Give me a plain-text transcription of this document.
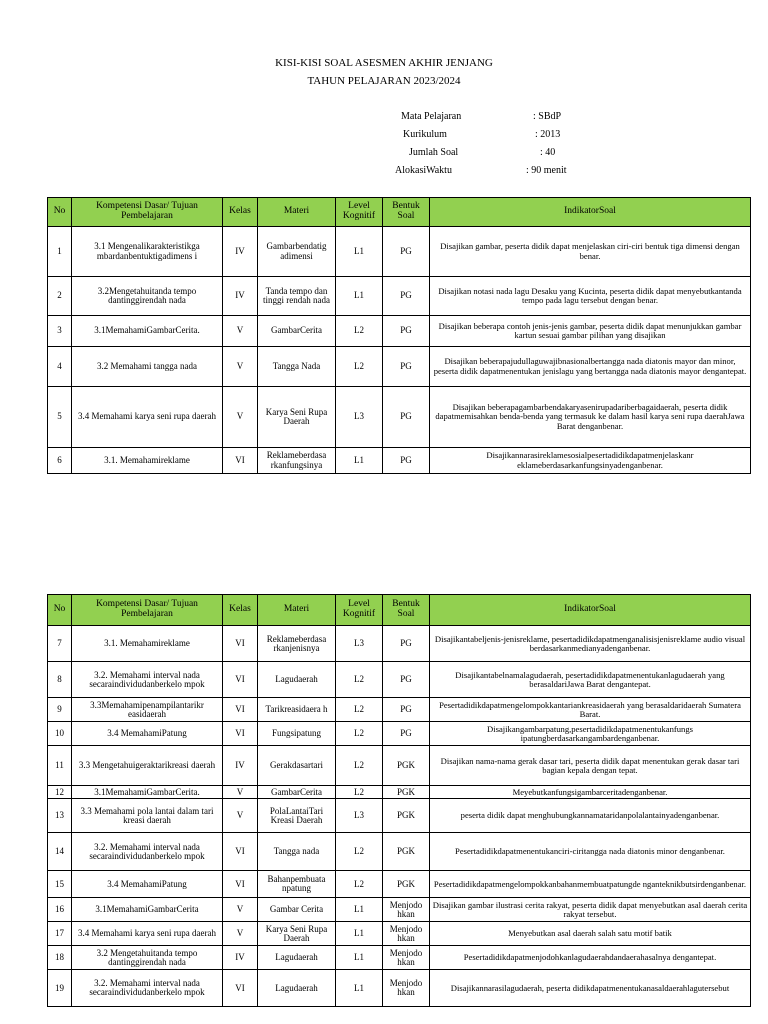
KISI-KISI SOAL ASESMEN AKHIR JENJANG
TAHUN PELAJARAN 2023/2024
Mata Pelajaran	: SBdP
Kurikulum	: 2013
Jumlah Soal	: 40
AlokasiWaktu	: 90 menit
No	Kompetensi Dasar/ Tujuan Pembelajaran	Kelas	Materi	Level Kognitif	Bentuk Soal	IndikatorSoal
1	3.1 Mengenalikarakteristikga mbardanbentuktigadimens i	IV	Gambarbendatig adimensi	L1	PG	Disajikan gambar, peserta didik dapat menjelaskan ciri-ciri bentuk tiga dimensi dengan benar.
2	3.2Mengetahuitanda tempo dantinggirendah nada	IV	Tanda tempo dan tinggi rendah nada	L1	PG	Disajikan notasi nada lagu Desaku yang Kucinta, peserta didik dapat menyebutkantanda tempo pada lagu tersebut dengan benar.
3	3.1MemahamiGambarCerita.	V	GambarCerita	L2	PG	Disajikan beberapa contoh jenis-jenis gambar, peserta didik dapat menunjukkan gambar kartun sesuai gambar pilihan yang disajikan
4	3.2 Memahami tangga nada	V	Tangga Nada	L2	PG	Disajikan beberapajudullaguwajibnasionalbertangga nada diatonis mayor dan minor, peserta didik dapatmenentukan jenislagu yang bertangga nada diatonis mayor dengantepat.
5	3.4 Memahami karya seni rupa daerah	V	Karya Seni Rupa Daerah	L3	PG	Disajikan beberapagambarbendakaryasenirupadariberbagaidaerah, peserta didik dapatmemisahkan benda-benda yang termasuk ke dalam hasil karya seni rupa daerahJawa Barat denganbenar.
6	3.1. Memahamireklame	VI	Reklameberdasa rkanfungsinya	L1	PG	Disajikannarasireklamesosialpesertadidikdapatmenjelaskanr eklameberdasarkanfungsinyadenganbenar.
No	Kompetensi Dasar/ Tujuan Pembelajaran	Kelas	Materi	Level Kognitif	Bentuk Soal	IndikatorSoal
7	3.1. Memahamireklame	VI	Reklameberdasa rkanjenisnya	L3	PG	Disajikantabeljenis-jenisreklame, pesertadidikdapatmenganalisisjenisreklame audio visual berdasarkanmedianyadenganbenar.
8	3.2. Memahami interval nada secaraindividudanberkelo mpok	VI	Lagudaerah	L2	PG	Disajikantabelnamalagudaerah, pesertadidikdapatmenentukanlagudaerah yang berasaldariJawa Barat dengantepat.
9	3.3Memahamipenampilantarikr easidaerah	VI	Tarikreasidaera h	L2	PG	Pesertadidikdapatmengelompokkantariankreasidaerah yang berasaldaridaerah Sumatera Barat.
10	3.4 MemahamiPatung	VI	Fungsipatung	L2	PG	Disajikangambarpatung,pesertadidikdapatmenentukanfungs ipatungberdasarkangambardenganbenar.
11	3.3 Mengetahuigeraktarikreasi daerah	IV	Gerakdasartari	L2	PGK	Disajikan nama-nama gerak dasar tari, peserta didik dapat menentukan gerak dasar tari bagian kepala dengan tepat.
12	3.1MemahamiGambarCerita.	V	GambarCerita	L2	PGK	Meyebutkanfungsigambarceritadenganbenar.
13	3.3 Memahami pola lantai dalam tari kreasi daerah	V	PolaLantaiTari Kreasi Daerah	L3	PGK	peserta didik dapat menghubungkannamataridanpolalantainyadenganbenar.
14	3.2. Memahami interval nada secaraindividudanberkelo mpok	VI	Tangga nada	L2	PGK	Pesertadidikdapatmenentukanciri-ciritangga nada diatonis minor denganbenar.
15	3.4 MemahamiPatung	VI	Bahanpembuata npatung	L2	PGK	Pesertadidikdapatmengelompokkanbahanmembuatpatungde nganteknikbutsirdenganbenar.
16	3.1MemahamiGambarCerita	V	Gambar Cerita	L1	Menjodo hkan	Disajikan gambar ilustrasi cerita rakyat, peserta didik dapat menyebutkan asal daerah cerita rakyat tersebut.
17	3.4 Memahami karya seni rupa daerah	V	Karya Seni Rupa Daerah	L1	Menjodo hkan	Menyebutkan asal daerah salah satu motif batik
18	3.2 Mengetahuitanda tempo dantinggirendah nada	IV	Lagudaerah	L1	Menjodo hkan	Pesertadidikdapatmenjodohkanlagudaerahdandaerahasalnya dengantepat.
19	3.2. Memahami interval nada secaraindividudanberkelo mpok	VI	Lagudaerah	L1	Menjodo hkan	Disajikannarasilagudaerah, peserta didikdapatmenentukanasaldaerahlagutersebut
